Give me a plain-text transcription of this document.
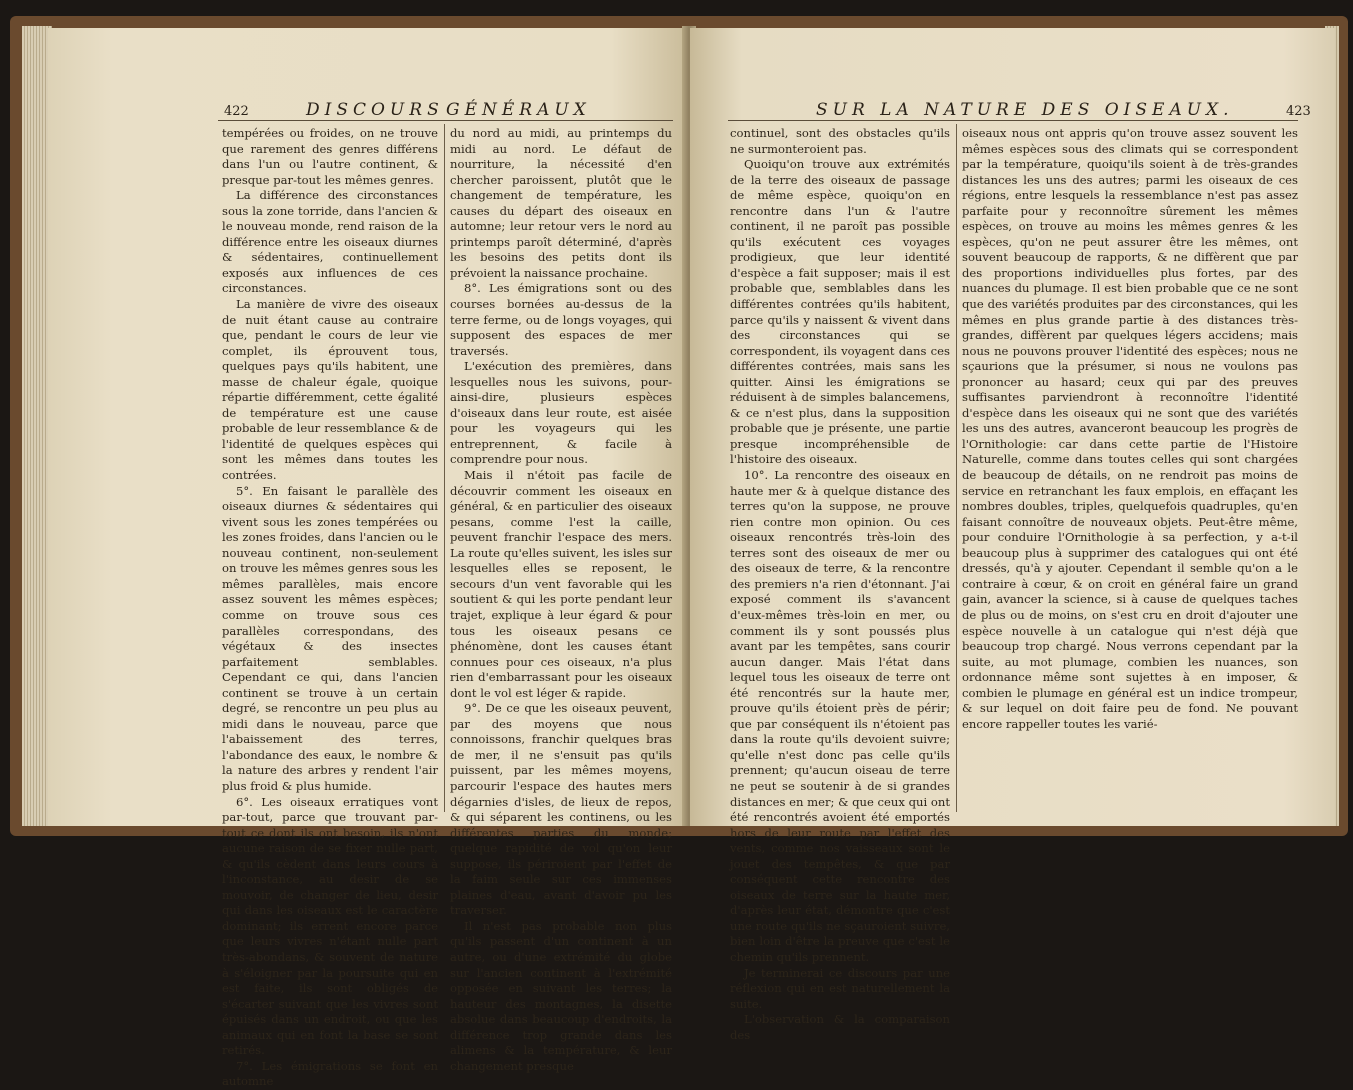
422	DISCOURS GÉNÉRAUX

tempérées ou froides, on ne trouve que rarement des genres différens dans l'un ou l'autre continent, & presque par-tout les mêmes genres.

La différence des circonstances sous la zone torride, dans l'ancien & le nouveau monde, rend raison de la différence entre les oiseaux diurnes & sédentaires, continuellement exposés aux influences de ces circonstances.

La manière de vivre des oiseaux de nuit étant cause au contraire que, pendant le cours de leur vie complet, ils éprouvent tous, quelques pays qu'ils habitent, une masse de chaleur égale, quoique répartie différemment, cette égalité de température est une cause probable de leur ressemblance & de l'identité de quelques espèces qui sont les mêmes dans toutes les contrées.

5°. En faisant le parallèle des oiseaux diurnes & sédentaires qui vivent sous les zones tempérées ou les zones froides, dans l'ancien ou le nouveau continent, non-seulement on trouve les mêmes genres sous les mêmes parallèles, mais encore assez souvent les mêmes espèces; comme on trouve sous ces parallèles correspondans, des végétaux & des insectes parfaitement semblables. Cependant ce qui, dans l'ancien continent se trouve à un certain degré, se rencontre un peu plus au midi dans le nouveau, parce que l'abaissement des terres, l'abondance des eaux, le nombre & la nature des arbres y rendent l'air plus froid & plus humide.

6°. Les oiseaux erratiques vont par-tout, parce que trouvant par-tout ce dont ils ont besoin, ils n'ont aucune raison de se fixer nulle part, & qu'ils cèdent dans leurs cours à l'inconstance, au desir de se mouvoir, de changer de lieu, desir qui dans les oiseaux est le caractère dominant; ils errent encore parce que leurs vivres n'étant nulle part très-abondans, & souvent de nature à s'éloigner par la poursuite qui en est faite, ils sont obligés de s'écarter suivant que les vivres sont épuisés dans un endroit, ou que les animaux qui en font la base se sont retirés.

7°. Les émigrations se font en automne

du nord au midi, au printemps du midi au nord. Le défaut de nourriture, la nécessité d'en chercher paroissent, plutôt que le changement de température, les causes du départ des oiseaux en automne; leur retour vers le nord au printemps paroît déterminé, d'après les besoins des petits dont ils prévoient la naissance prochaine.

8°. Les émigrations sont ou des courses bornées au-dessus de la terre ferme, ou de longs voyages, qui supposent des espaces de mer traversés.

L'exécution des premières, dans lesquelles nous les suivons, pour-ainsi-dire, plusieurs espèces d'oiseaux dans leur route, est aisée pour les voyageurs qui les entreprennent, & facile à comprendre pour nous.

Mais il n'étoit pas facile de découvrir comment les oiseaux en général, & en particulier des oiseaux pesans, comme l'est la caille, peuvent franchir l'espace des mers. La route qu'elles suivent, les isles sur lesquelles elles se reposent, le secours d'un vent favorable qui les soutient & qui les porte pendant leur trajet, explique à leur égard & pour tous les oiseaux pesans ce phénomène, dont les causes étant connues pour ces oiseaux, n'a plus rien d'embarrassant pour les oiseaux dont le vol est léger & rapide.

9°. De ce que les oiseaux peuvent, par des moyens que nous connoissons, franchir quelques bras de mer, il ne s'ensuit pas qu'ils puissent, par les mêmes moyens, parcourir l'espace des hautes mers dégarnies d'isles, de lieux de repos, & qui séparent les continens, ou les différentes parties du monde; quelque rapidité de vol qu'on leur suppose, ils périroient par l'effet de la faim seule sur ces immenses plaines d'eau, avant d'avoir pu les traverser.

Il n'est pas probable non plus qu'ils passent d'un continent à un autre, ou d'une extrémité du globe sur l'ancien continent à l'extrémité opposée en suivant les terres; la hauteur des montagnes, la disette absolue dans beaucoup d'endroits, la différence trop grande dans les alimens & la température, & leur changement presque

SUR LA NATURE DES OISEAUX.	423

continuel, sont des obstacles qu'ils ne surmonteroient pas.

Quoiqu'on trouve aux extrémités de la terre des oiseaux de passage de même espèce, quoiqu'on en rencontre dans l'un & l'autre continent, il ne paroît pas possible qu'ils exécutent ces voyages prodigieux, que leur identité d'espèce a fait supposer; mais il est probable que, semblables dans les différentes contrées qu'ils habitent, parce qu'ils y naissent & vivent dans des circonstances qui se correspondent, ils voyagent dans ces différentes contrées, mais sans les quitter. Ainsi les émigrations se réduisent à de simples balancemens, & ce n'est plus, dans la supposition probable que je présente, une partie presque incompréhensible de l'histoire des oiseaux.

10°. La rencontre des oiseaux en haute mer & à quelque distance des terres qu'on la suppose, ne prouve rien contre mon opinion. Ou ces oiseaux rencontrés très-loin des terres sont des oiseaux de mer ou des oiseaux de terre, & la rencontre des premiers n'a rien d'étonnant. J'ai exposé comment ils s'avancent d'eux-mêmes très-loin en mer, ou comment ils y sont poussés plus avant par les tempêtes, sans courir aucun danger. Mais l'état dans lequel tous les oiseaux de terre ont été rencontrés sur la haute mer, prouve qu'ils étoient près de périr; que par conséquent ils n'étoient pas dans la route qu'ils devoient suivre; qu'elle n'est donc pas celle qu'ils prennent; qu'aucun oiseau de terre ne peut se soutenir à de si grandes distances en mer; & que ceux qui ont été rencontrés avoient été emportés hors de leur route par l'effet des vents, comme nos vaisseaux sont le jouet des tempêtes, & que par conséquent cette rencontre des oiseaux de terre sur la haute mer, d'après leur état, démontre que c'est une route qu'ils ne sçauroient suivre, bien loin d'être la preuve que c'est le chemin qu'ils prennent.

Je terminerai ce discours par une réflexion qui en est naturellement la suite.

L'observation & la comparaison des

oiseaux nous ont appris qu'on trouve assez souvent les mêmes espèces sous des climats qui se correspondent par la température, quoiqu'ils soient à de très-grandes distances les uns des autres; parmi les oiseaux de ces régions, entre lesquels la ressemblance n'est pas assez parfaite pour y reconnoître sûrement les mêmes espèces, on trouve au moins les mêmes genres & les espèces, qu'on ne peut assurer être les mêmes, ont souvent beaucoup de rapports, & ne diffèrent que par des proportions individuelles plus fortes, par des nuances du plumage. Il est bien probable que ce ne sont que des variétés produites par des circonstances, qui les mêmes en plus grande partie à des distances très-grandes, diffèrent par quelques légers accidens; mais nous ne pouvons prouver l'identité des espèces; nous ne sçaurions que la présumer, si nous ne voulons pas prononcer au hasard; ceux qui par des preuves suffisantes parviendront à reconnoître l'identité d'espèce dans les oiseaux qui ne sont que des variétés les uns des autres, avanceront beaucoup les progrès de l'Ornithologie: car dans cette partie de l'Histoire Naturelle, comme dans toutes celles qui sont chargées de beaucoup de détails, on ne rendroit pas moins de service en retranchant les faux emplois, en effaçant les nombres doubles, triples, quelquefois quadruples, qu'en faisant connoître de nouveaux objets. Peut-être même, pour conduire l'Ornithologie à sa perfection, y a-t-il beaucoup plus à supprimer des catalogues qui ont été dressés, qu'à y ajouter. Cependant il semble qu'on a le contraire à cœur, & on croit en général faire un grand gain, avancer la science, si à cause de quelques taches de plus ou de moins, on s'est cru en droit d'ajouter une espèce nouvelle à un catalogue qui n'est déjà que beaucoup trop chargé. Nous verrons cependant par la suite, au mot plumage, combien les nuances, son ordonnance même sont sujettes à en imposer, & combien le plumage en général est un indice trompeur, & sur lequel on doit faire peu de fond. Ne pouvant encore rappeller toutes les varié-
